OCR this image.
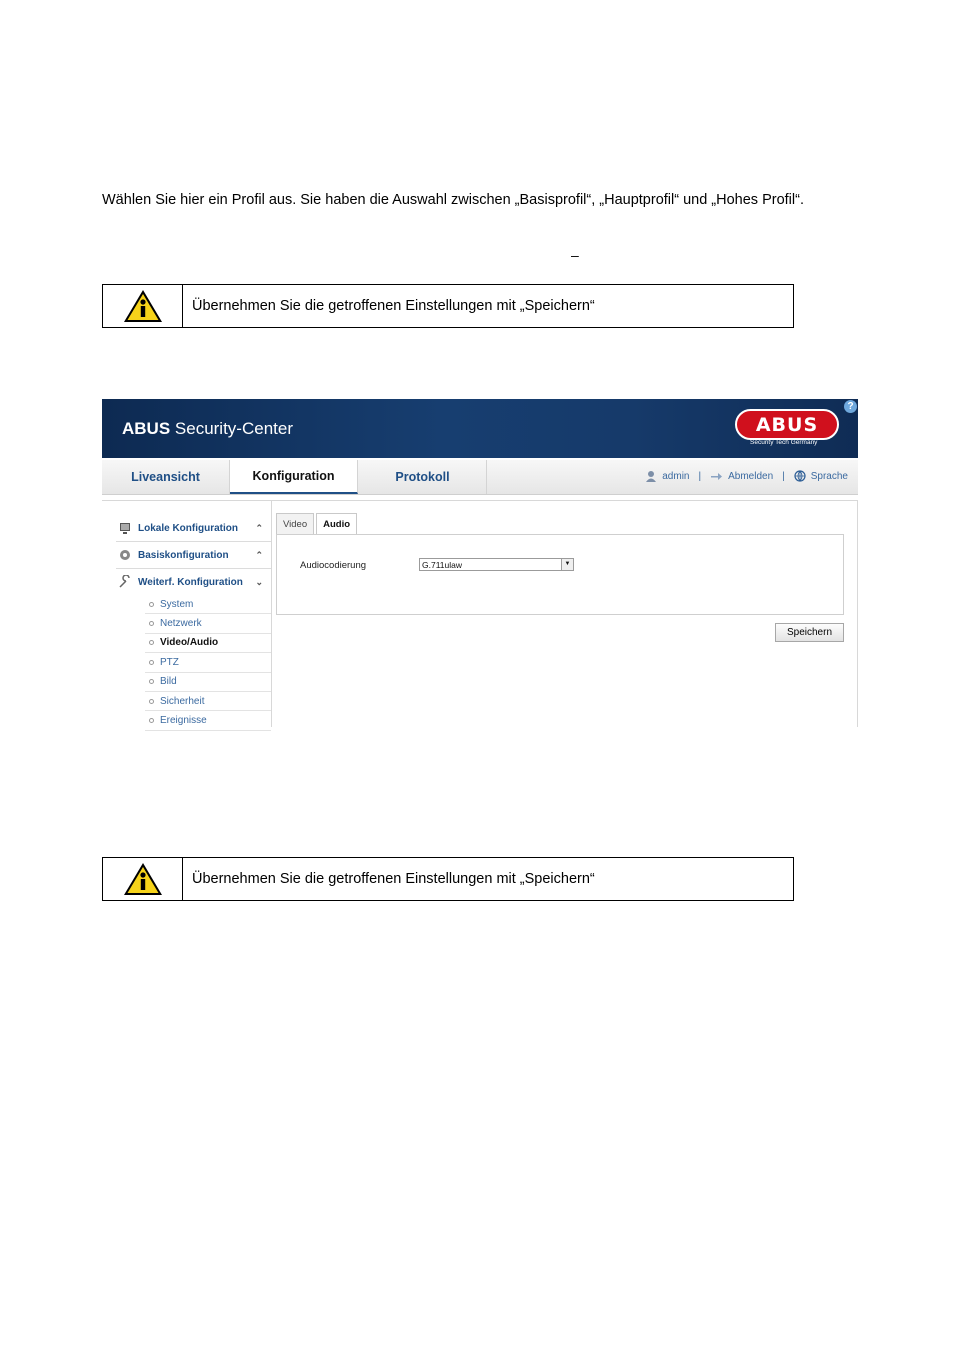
Wählen Sie hier ein Profil aus. Sie haben die Auswahl zwischen „Basisprofil“, „Hauptprofil“ und „Hohes Profil“.
–
Übernehmen Sie die getroffenen Einstellungen mit „Speichern“
ABUS Security-Center	ABUS
Security Tech Germany
?
Liveansicht	Konfiguration	Protokoll	admin |	Abmelden |	Sprache
Lokale Konfiguration ⌃
Basiskonfiguration	⌃
Weiterf. Konfiguration ⌄
System
Netzwerk
Video/Audio
PTZ
Bild
Sicherheit
Ereignisse
Video	Audio
Audiocodierung	G.711ulaw	▼
Speichern
Übernehmen Sie die getroffenen Einstellungen mit „Speichern“
